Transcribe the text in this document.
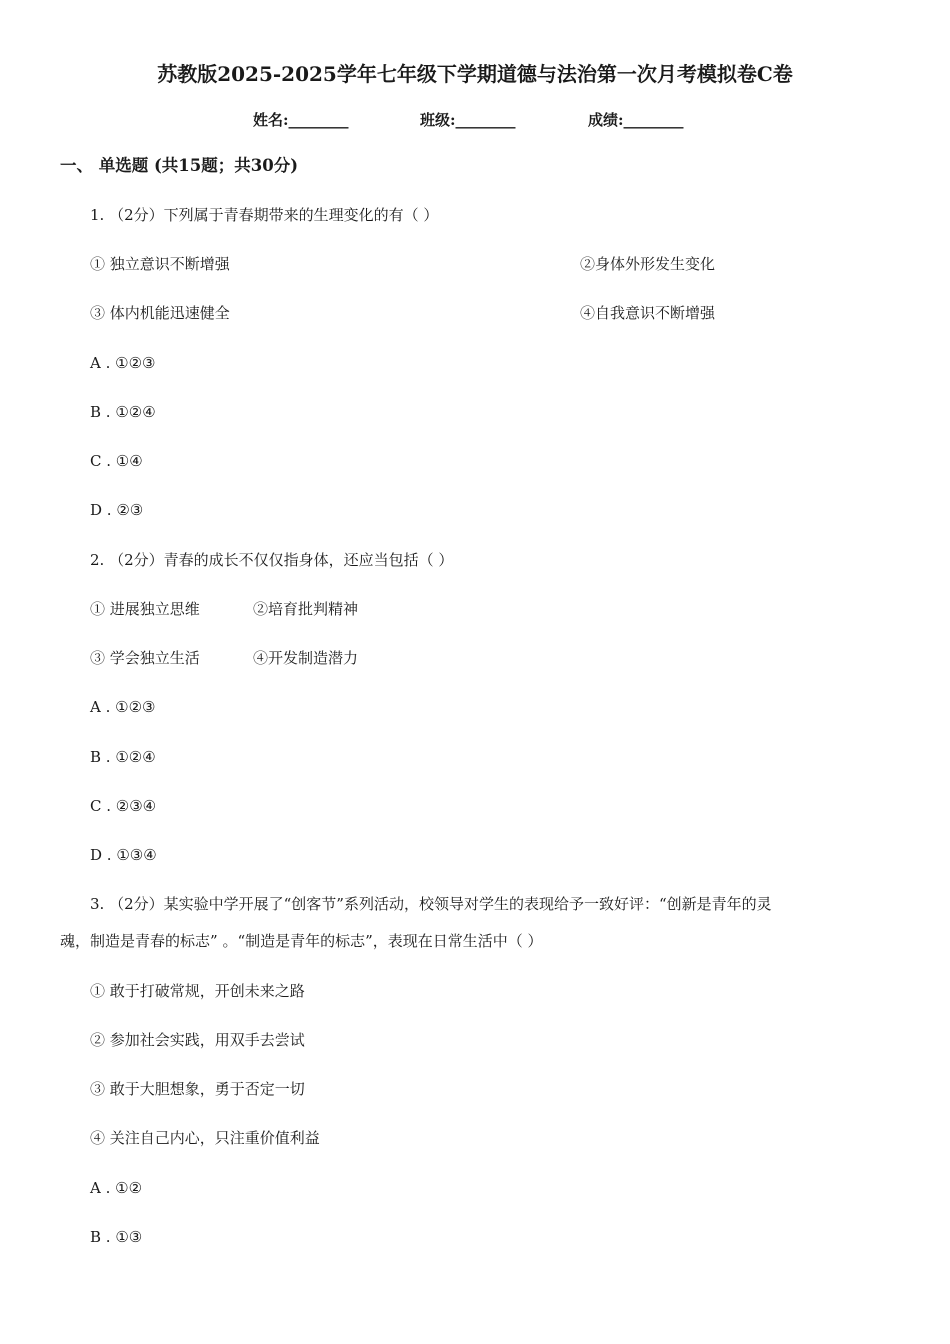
苏教版2025-2025学年七年级下学期道德与法治第一次月考模拟卷C卷
姓名:________	班级:________	成绩:________
一、 单选题 (共15题；共30分)
1. （2分）下列属于青春期带来的生理变化的有（ ）
① 独立意识不断增强	②身体外形发生变化
③ 体内机能迅速健全	④自我意识不断增强
A . ①②③
B . ①②④
C . ①④
D . ②③
2. （2分）青春的成长不仅仅指身体，还应当包括（ ）
① 进展独立思维	②培育批判精神
③ 学会独立生活	④开发制造潜力
A . ①②③
B . ①②④
C . ②③④
D . ①③④
3. （2分）某实验中学开展了“创客节”系列活动，校领导对学生的表现给予一致好评：“创新是青年的灵
魂，制造是青春的标志” 。“制造是青年的标志”，表现在日常生活中（ ）
① 敢于打破常规，开创未来之路
② 参加社会实践，用双手去尝试
③ 敢于大胆想象，勇于否定一切
④ 关注自己内心，只注重价值利益
A . ①②
B . ①③
